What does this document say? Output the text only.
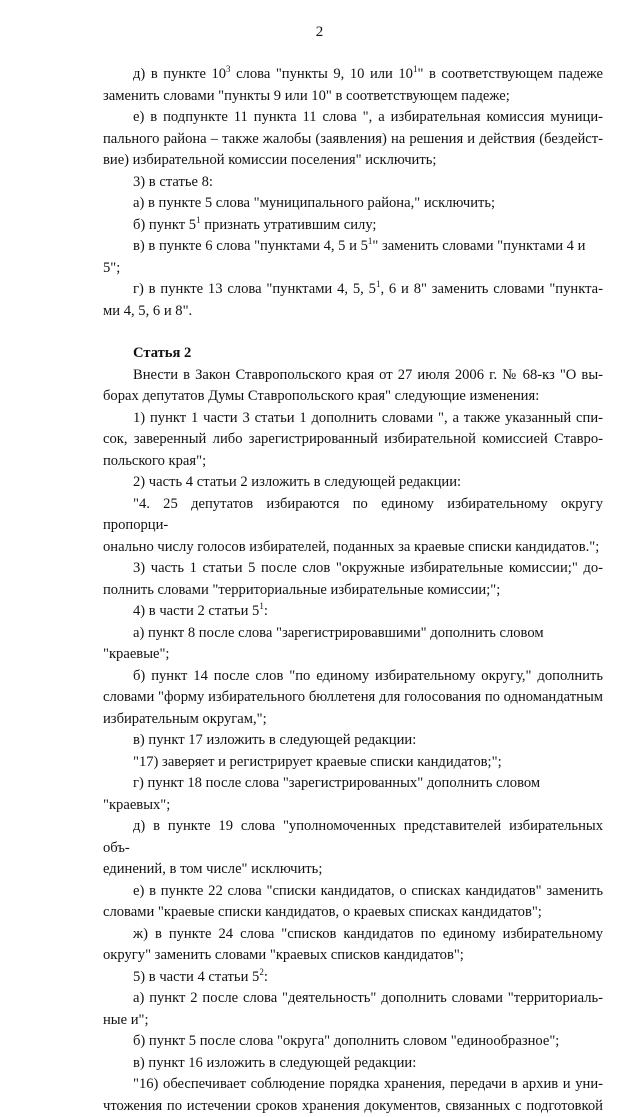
2

д) в пункте $10^3$ слова "пункты 9, 10 или $10^1$" в соответствующем падеже

заменить словами "пункты 9 или 10" в соответствующем падеже;

е) в подпункте 11 пункта 11 слова ", а избирательная комиссия муници-

пального района – также жалобы (заявления) на решения и действия (бездейст-

вие) избирательной комиссии поселения" исключить;

3) в статье 8:

а) в пункте 5 слова "муниципального района," исключить;

б) пункт $5^1$ признать утратившим силу;

в) в пункте 6 слова "пунктами 4, 5 и $5^1$" заменить словами "пунктами 4 и 5";

г) в пункте 13 слова "пунктами 4, 5, $5^1$, 6 и 8" заменить словами "пункта-

ми 4, 5, 6 и 8".

Статья 2

Внести в Закон Ставропольского края от 27 июля 2006 г. № 68-кз "О вы-

борах депутатов Думы Ставропольского края" следующие изменения:

1) пункт 1 части 3 статьи 1 дополнить словами ", а также указанный спи-

сок, заверенный либо зарегистрированный избирательной комиссией Ставро-

польского края";

2) часть 4 статьи 2 изложить в следующей редакции:

"4. 25 депутатов избираются по единому избирательному округу пропорци-

онально числу голосов избирателей, поданных за краевые списки кандидатов.";

3) часть 1 статьи 5 после слов "окружные избирательные комиссии;" до-

полнить словами "территориальные избирательные комиссии;";

4) в части 2 статьи $5^1$:

а) пункт 8 после слова "зарегистрировавшими" дополнить словом "краевые";

б) пункт 14 после слов "по единому избирательному округу," дополнить

словами "форму избирательного бюллетеня для голосования по одномандатным

избирательным округам,";

в) пункт 17 изложить в следующей редакции:

"17) заверяет и регистрирует краевые списки кандидатов;";

г) пункт 18 после слова "зарегистрированных" дополнить словом "краевых";

д) в пункте 19 слова "уполномоченных представителей избирательных объ-

единений, в том числе" исключить;

е) в пункте 22 слова "списки кандидатов, о списках кандидатов" заменить

словами "краевые списки кандидатов, о краевых списках кандидатов";

ж) в пункте 24 слова "списков кандидатов по единому избирательному

округу" заменить словами "краевых списков кандидатов";

5) в части 4 статьи $5^2$:

а) пункт 2 после слова "деятельность" дополнить словами "территориаль-

ные и";

б) пункт 5 после слова "округа" дополнить словом "единообразное";

в) пункт 16 изложить в следующей редакции:

"16) обеспечивает соблюдение порядка хранения, передачи в архив и уни-

чтожения по истечении сроков хранения документов, связанных с подготовкой
